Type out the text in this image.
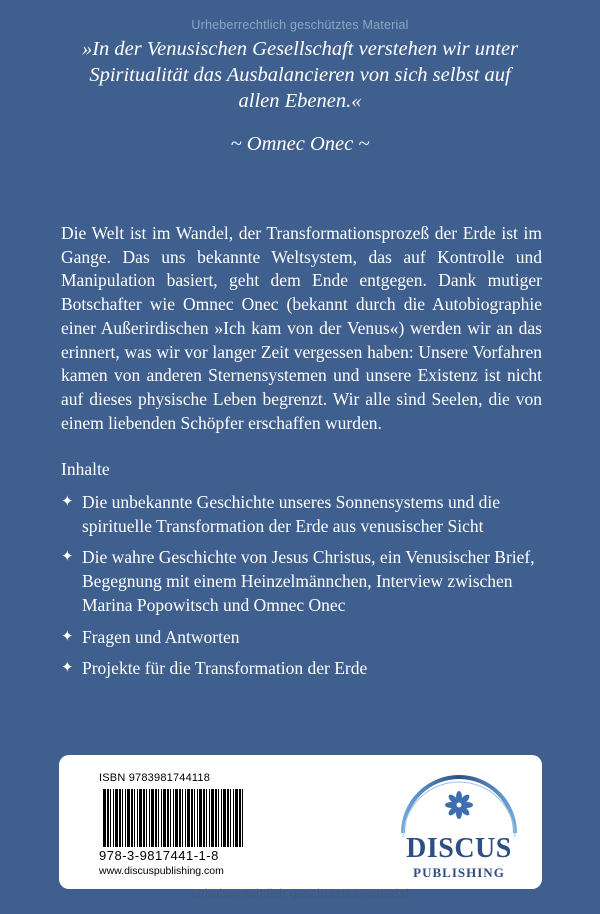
Urheberrechtlich geschütztes Material
»In der Venusischen Gesellschaft verstehen wir unter Spiritualität das Ausbalancieren von sich selbst auf allen Ebenen.«
~ Omnec Onec ~
Die Welt ist im Wandel, der Transformationsprozeß der Erde ist im Gange. Das uns bekannte Weltsystem, das auf Kontrolle und Manipulation basiert, geht dem Ende entgegen. Dank mutiger Botschafter wie Omnec Onec (bekannt durch die Autobiographie einer Außerirdischen »Ich kam von der Venus«) werden wir an das erinnert, was wir vor langer Zeit vergessen haben: Unsere Vorfahren kamen von anderen Sternensystemen und unsere Existenz ist nicht auf dieses physische Leben begrenzt. Wir alle sind Seelen, die von einem liebenden Schöpfer erschaffen wurden.
Inhalte
✦ Die unbekannte Geschichte unseres Sonnensystems und die spirituelle Transformation der Erde aus venusischer Sicht
✦ Die wahre Geschichte von Jesus Christus, ein Venusischer Brief, Begegnung mit einem Heinzelmännchen, Interview zwischen Marina Popowitsch und Omnec Onec
✦ Fragen und Antworten
✦ Projekte für die Transformation der Erde
ISBN 9783981744118
978-3-9817441-1-8
www.discuspublishing.com
DISCUS
PUBLISHING
Urheberrechtlich geschütztes Material
